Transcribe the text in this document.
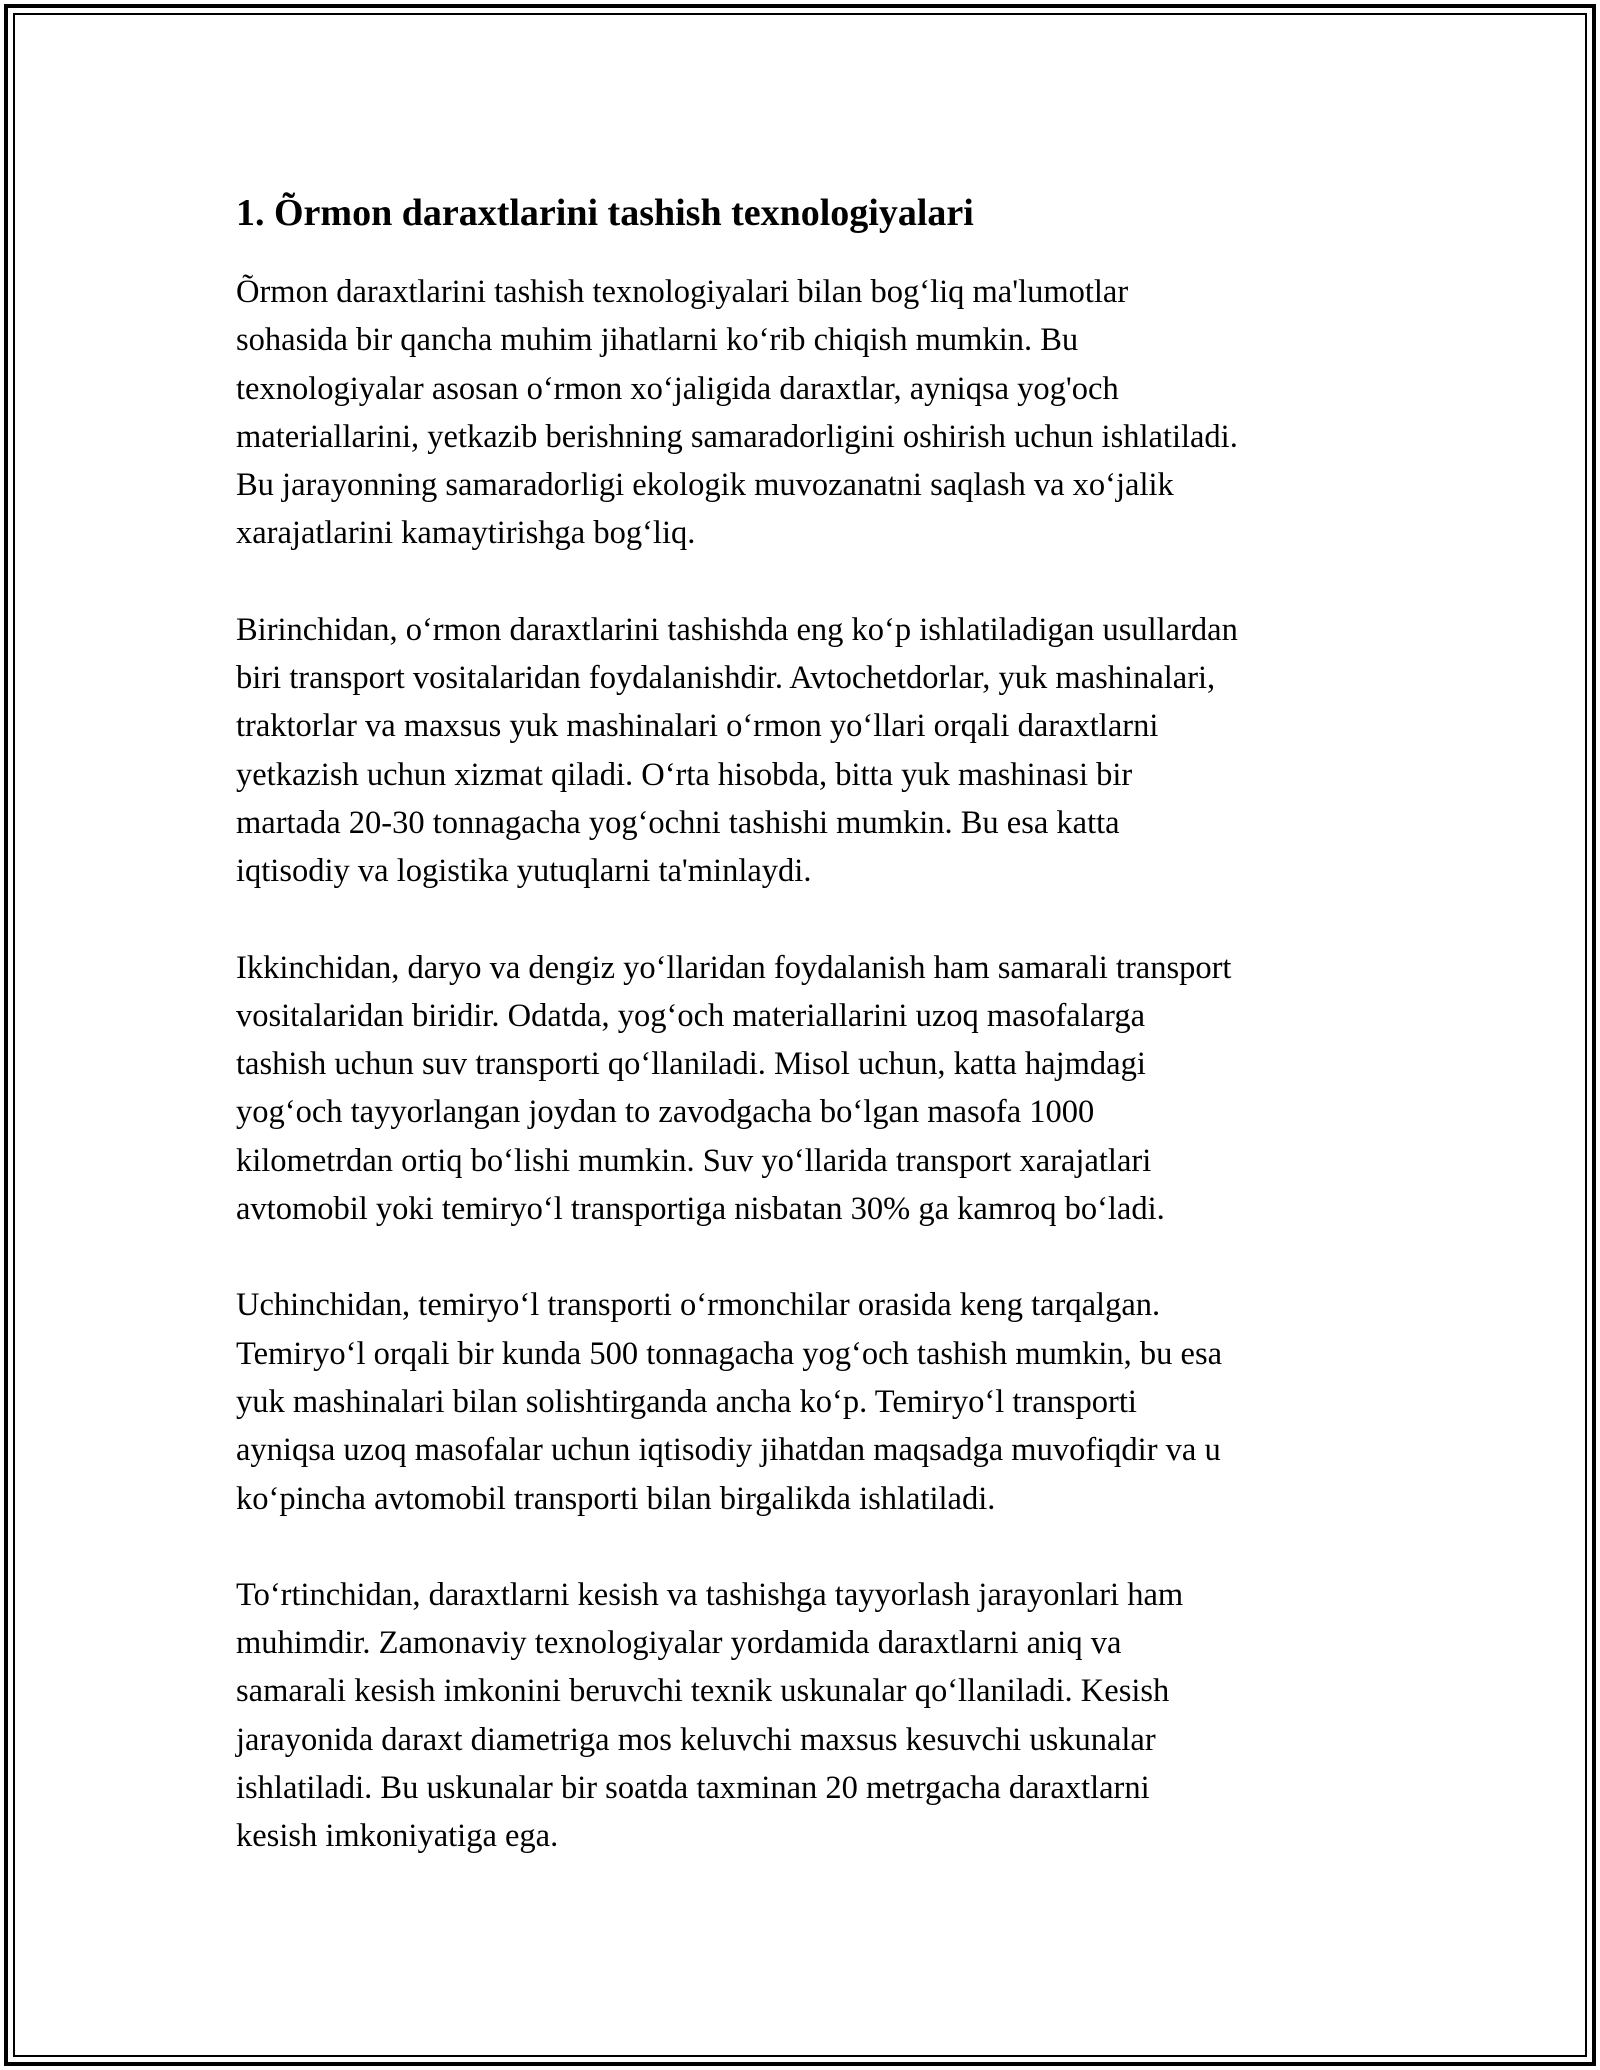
1. Õrmon daraxtlarini tashish texnologiyalari

Õrmon daraxtlarini tashish texnologiyalari bilan bog‘liq ma'lumotlar
sohasida bir qancha muhim jihatlarni ko‘rib chiqish mumkin. Bu
texnologiyalar asosan o‘rmon xo‘jaligida daraxtlar, ayniqsa yog'och
materiallarini, yetkazib berishning samaradorligini oshirish uchun ishlatiladi.
Bu jarayonning samaradorligi ekologik muvozanatni saqlash va xo‘jalik
xarajatlarini kamaytirishga bog‘liq.

Birinchidan, o‘rmon daraxtlarini tashishda eng ko‘p ishlatiladigan usullardan
biri transport vositalaridan foydalanishdir. Avtochetdorlar, yuk mashinalari,
traktorlar va maxsus yuk mashinalari o‘rmon yo‘llari orqali daraxtlarni
yetkazish uchun xizmat qiladi. O‘rta hisobda, bitta yuk mashinasi bir
martada 20-30 tonnagacha yog‘ochni tashishi mumkin. Bu esa katta
iqtisodiy va logistika yutuqlarni ta'minlaydi.

Ikkinchidan, daryo va dengiz yo‘llaridan foydalanish ham samarali transport
vositalaridan biridir. Odatda, yog‘och materiallarini uzoq masofalarga
tashish uchun suv transporti qo‘llaniladi. Misol uchun, katta hajmdagi
yog‘och tayyorlangan joydan to zavodgacha bo‘lgan masofa 1000
kilometrdan ortiq bo‘lishi mumkin. Suv yo‘llarida transport xarajatlari
avtomobil yoki temiryo‘l transportiga nisbatan 30% ga kamroq bo‘ladi.

Uchinchidan, temiryo‘l transporti o‘rmonchilar orasida keng tarqalgan.
Temiryo‘l orqali bir kunda 500 tonnagacha yog‘och tashish mumkin, bu esa
yuk mashinalari bilan solishtirganda ancha ko‘p. Temiryo‘l transporti
ayniqsa uzoq masofalar uchun iqtisodiy jihatdan maqsadga muvofiqdir va u
ko‘pincha avtomobil transporti bilan birgalikda ishlatiladi.

To‘rtinchidan, daraxtlarni kesish va tashishga tayyorlash jarayonlari ham
muhimdir. Zamonaviy texnologiyalar yordamida daraxtlarni aniq va
samarali kesish imkonini beruvchi texnik uskunalar qo‘llaniladi. Kesish
jarayonida daraxt diametriga mos keluvchi maxsus kesuvchi uskunalar
ishlatiladi. Bu uskunalar bir soatda taxminan 20 metrgacha daraxtlarni
kesish imkoniyatiga ega.
